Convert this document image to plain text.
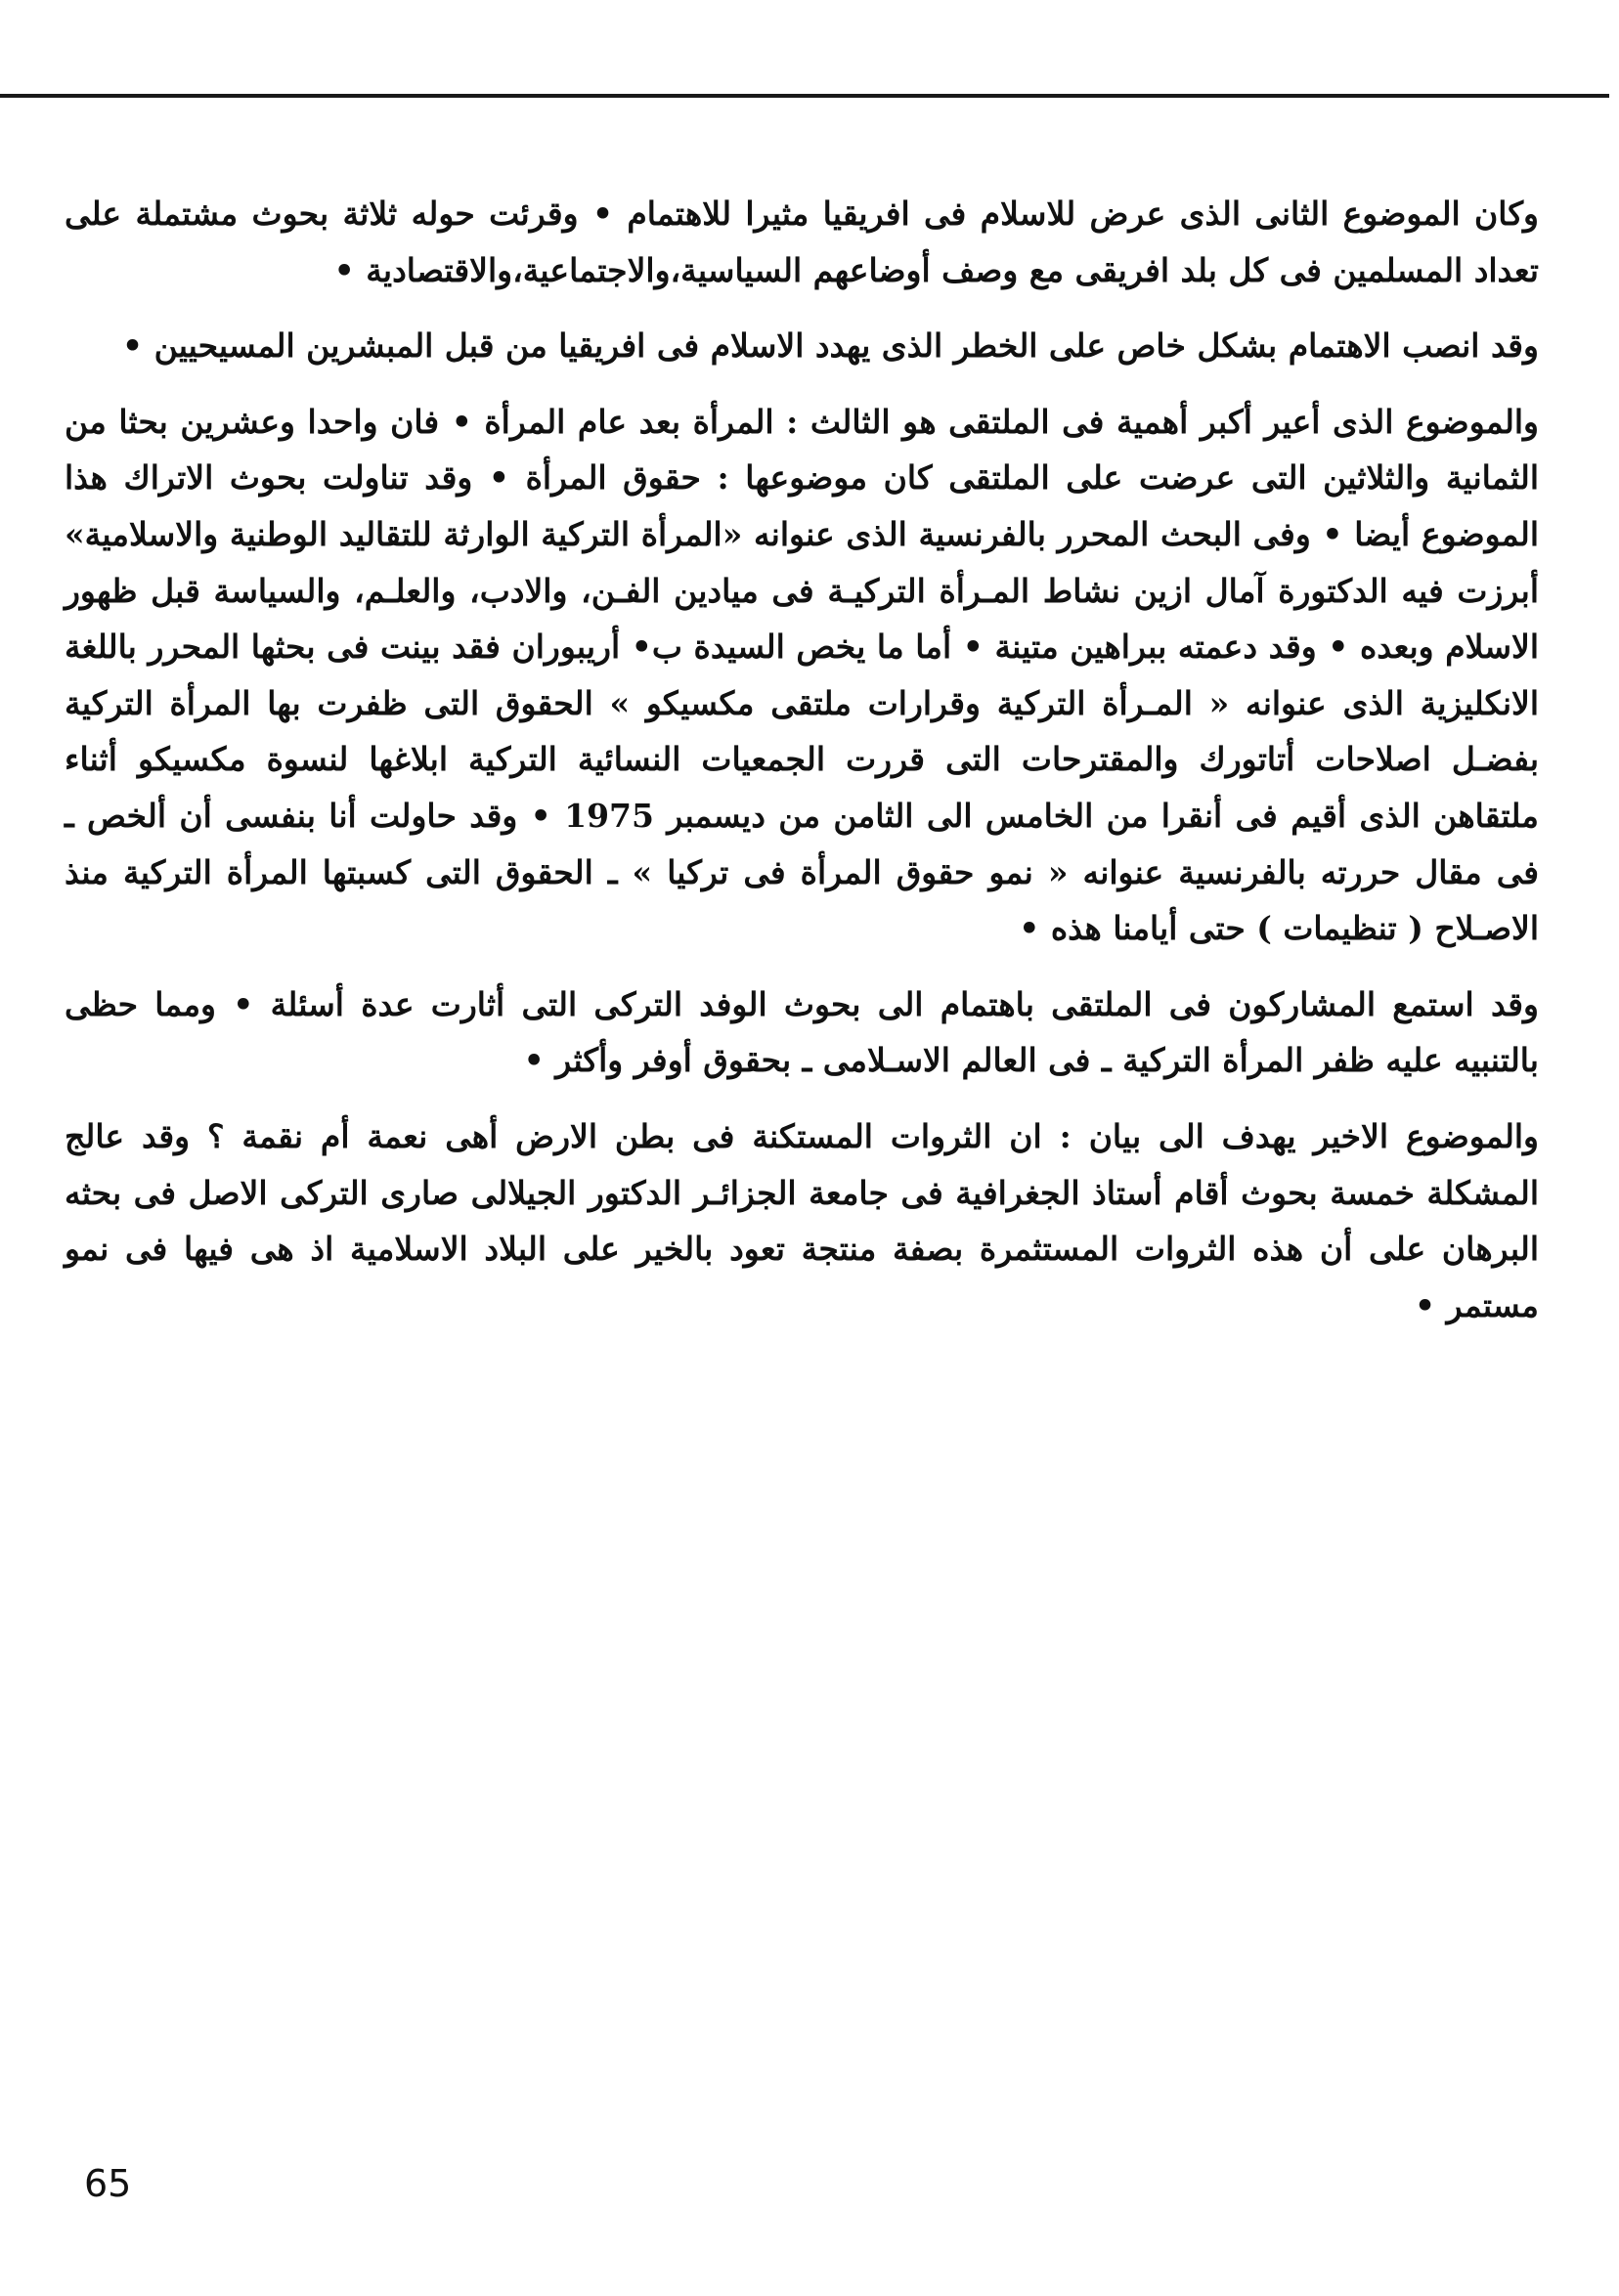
وكان الموضوع الثانى الذى عرض للاسلام فى افريقيا مثيرا للاهتمام • وقرئت حوله ثلاثة بحوث مشتملة على تعداد المسلمين فى كل بلد افريقى مع وصف أوضاعهم السياسية،والاجتماعية،والاقتصادية •

وقد انصب الاهتمام بشكل خاص على الخطر الذى يهدد الاسلام فى افريقيا من قبل المبشرين المسيحيين •

والموضوع الذى أعير أكبر أهمية فى الملتقى هو الثالث : المرأة بعد عام المرأة • فان واحدا وعشرين بحثا من الثمانية والثلاثين التى عرضت على الملتقى كان موضوعها : حقوق المرأة • وقد تناولت بحوث الاتراك هذا الموضوع أيضا • وفى البحث المحرر بالفرنسية الذى عنوانه «المرأة التركية الوارثة للتقاليد الوطنية والاسلامية» أبرزت فيه الدكتورة آمال ازين نشاط المـرأة التركيـة فى ميادين الفـن، والادب، والعلـم، والسياسة قبل ظهور الاسلام وبعده • وقد دعمته ببراهين متينة • أما ما يخص السيدة ب• أريبوران فقد بينت فى بحثها المحرر باللغة الانكليزية الذى عنوانه « المـرأة التركية وقرارات ملتقى مكسيكو » الحقوق التى ظفرت بها المرأة التركية بفضـل اصلاحات أتاتورك والمقترحات التى قررت الجمعيات النسائية التركية ابلاغها لنسوة مكسيكو أثناء ملتقاهن الذى أقيم فى أنقرا من الخامس الى الثامن من ديسمبر 1975 • وقد حاولت أنا بنفسى أن ألخص ـ فى مقال حررته بالفرنسية عنوانه « نمو حقوق المرأة فى تركيا » ـ الحقوق التى كسبتها المرأة التركية منذ الاصـلاح ( تنظيمات ) حتى أيامنا هذه •

وقد استمع المشاركون فى الملتقى باهتمام الى بحوث الوفد التركى التى أثارت عدة أسئلة • ومما حظى بالتنبيه عليه ظفر المرأة التركية ـ فى العالم الاسـلامى ـ بحقوق أوفر وأكثر •

والموضوع الاخير يهدف الى بيان : ان الثروات المستكنة فى بطن الارض أهى نعمة أم نقمة ؟ وقد عالج المشكلة خمسة بحوث أقام أستاذ الجغرافية فى جامعة الجزائـر الدكتور الجيلالى صارى التركى الاصل فى بحثه البرهان على أن هذه الثروات المستثمرة بصفة منتجة تعود بالخير على البلاد الاسلامية اذ هى فيها فى نمو مستمر •

65
